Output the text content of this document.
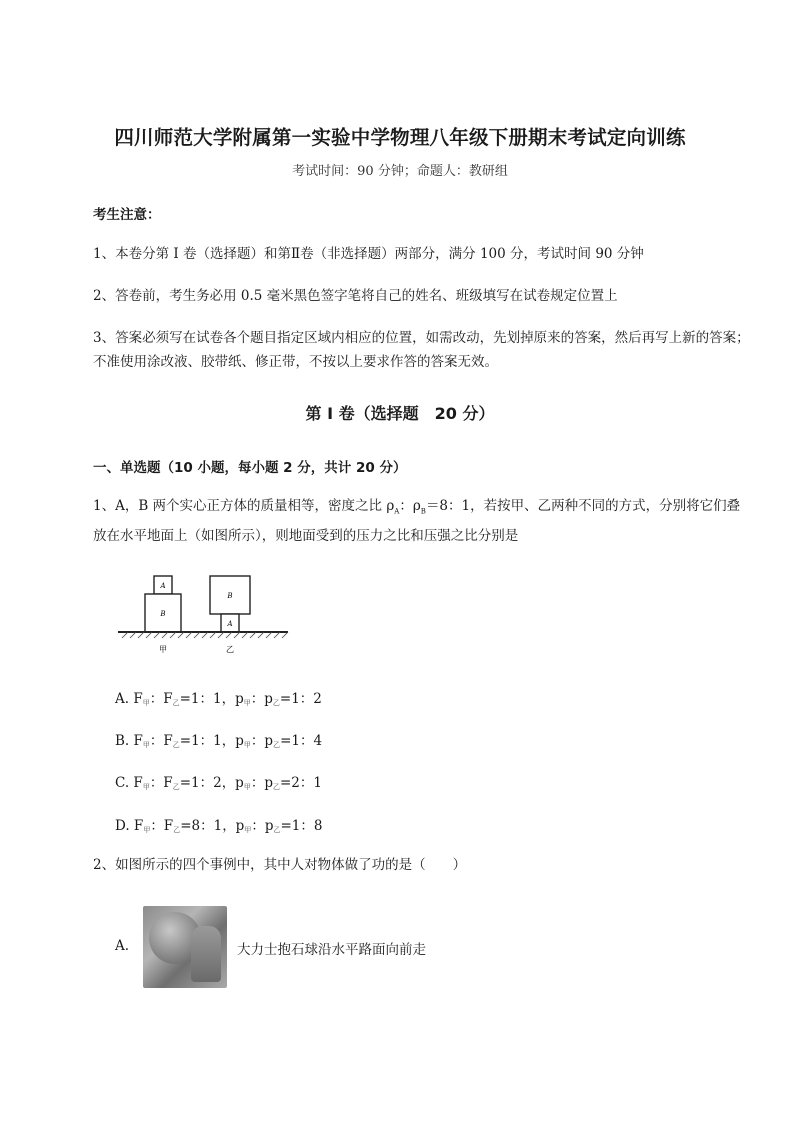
四川师范大学附属第一实验中学物理八年级下册期末考试定向训练
考试时间：90 分钟；命题人：教研组
考生注意：
1、本卷分第 I 卷（选择题）和第Ⅱ卷（非选择题）两部分，满分 100 分，考试时间 90 分钟
2、答卷前，考生务必用 0.5 毫米黑色签字笔将自己的姓名、班级填写在试卷规定位置上
3、答案必须写在试卷各个题目指定区域内相应的位置，如需改动，先划掉原来的答案，然后再写上新的答案；不准使用涂改液、胶带纸、修正带，不按以上要求作答的答案无效。
第 I 卷（选择题　20 分）
一、单选题（10 小题，每小题 2 分，共计 20 分）
1、A，B 两个实心正方体的质量相等，密度之比 $\rho_A$：$\rho_B=8$：1，若按甲、乙两种不同的方式，分别将它们叠放在水平地面上（如图所示），则地面受到的压力之比和压强之比分别是
A
B
B
A
甲	乙
A. $F_甲$：$F_乙=1$：1，$p_甲$：$p_乙=1$：2
B. $F_甲$：$F_乙=1$：1，$p_甲$：$p_乙=1$：4
C. $F_甲$：$F_乙=1$：2，$p_甲$：$p_乙=2$：1
D. $F_甲$：$F_乙=8$：1，$p_甲$：$p_乙=1$：8
2、如图所示的四个事例中，其中人对物体做了功的是（　　）
A.	大力士抱石球沿水平路面向前走
